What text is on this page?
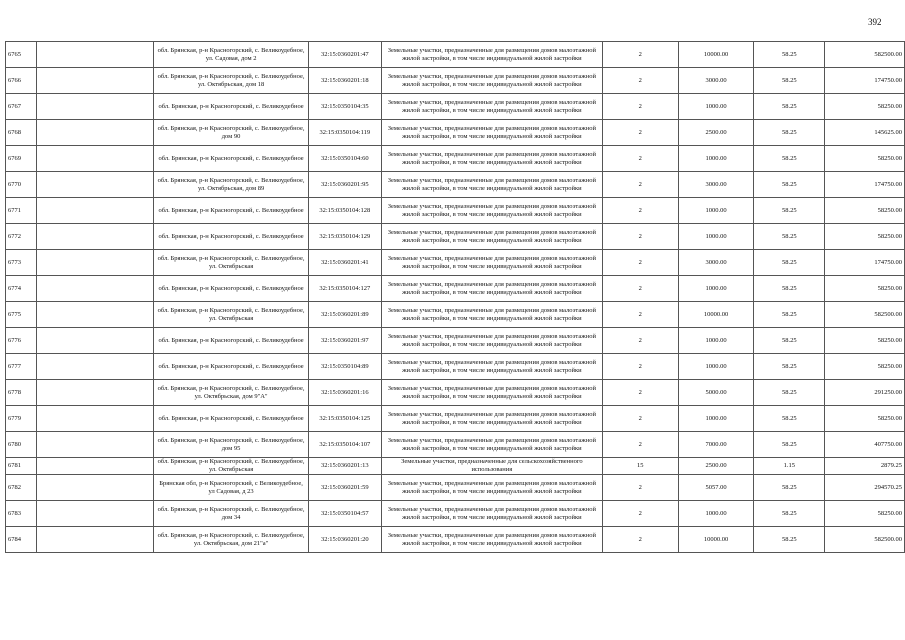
392
6765		обл. Брянская, р-н Красногорский, с. Великоудебное, ул. Садовая, дом 2	32:15:0360201:47	Земельные участки, предназначенные для размещения домов малоэтажной жилой застройки, в том числе индивидуальной жилой застройки	2	10000.00	58.25	582500.00
6766		обл. Брянская, р-н Красногорский, с. Великоудебное, ул. Октябрьская, дом 18	32:15:0360201:18	Земельные участки, предназначенные для размещения домов малоэтажной жилой застройки, в том числе индивидуальной жилой застройки	2	3000.00	58.25	174750.00
6767		обл. Брянская, р-н Красногорский, с. Великоудебное	32:15:0350104:35	Земельные участки, предназначенные для размещения домов малоэтажной жилой застройки, в том числе индивидуальной жилой застройки	2	1000.00	58.25	58250.00
6768		обл. Брянская, р-н Красногорский, с. Великоудебное, дом 90	32:15:0350104:119	Земельные участки, предназначенные для размещения домов малоэтажной жилой застройки, в том числе индивидуальной жилой застройки	2	2500.00	58.25	145625.00
6769		обл. Брянская, р-н Красногорский, с. Великоудебное	32:15:0350104:60	Земельные участки, предназначенные для размещения домов малоэтажной жилой застройки, в том числе индивидуальной жилой застройки	2	1000.00	58.25	58250.00
6770		обл. Брянская, р-н Красногорский, с. Великоудебное, ул. Октябрьская, дом 89	32:15:0360201:95	Земельные участки, предназначенные для размещения домов малоэтажной жилой застройки, в том числе индивидуальной жилой застройки	2	3000.00	58.25	174750.00
6771		обл. Брянская, р-н Красногорский, с. Великоудебное	32:15:0350104:128	Земельные участки, предназначенные для размещения домов малоэтажной жилой застройки, в том числе индивидуальной жилой застройки	2	1000.00	58.25	58250.00
6772		обл. Брянская, р-н Красногорский, с. Великоудебное	32:15:0350104:129	Земельные участки, предназначенные для размещения домов малоэтажной жилой застройки, в том числе индивидуальной жилой застройки	2	1000.00	58.25	58250.00
6773		обл. Брянская, р-н Красногорский, с. Великоудебное, ул. Октябрьская	32:15:0360201:41	Земельные участки, предназначенные для размещения домов малоэтажной жилой застройки, в том числе индивидуальной жилой застройки	2	3000.00	58.25	174750.00
6774		обл. Брянская, р-н Красногорский, с. Великоудебное	32:15:0350104:127	Земельные участки, предназначенные для размещения домов малоэтажной жилой застройки, в том числе индивидуальной жилой застройки	2	1000.00	58.25	58250.00
6775		обл. Брянская, р-н Красногорский, с. Великоудебное, ул. Октябрьская	32:15:0360201:89	Земельные участки, предназначенные для размещения домов малоэтажной жилой застройки, в том числе индивидуальной жилой застройки	2	10000.00	58.25	582500.00
6776		обл. Брянская, р-н Красногорский, с. Великоудебное	32:15:0360201:97	Земельные участки, предназначенные для размещения домов малоэтажной жилой застройки, в том числе индивидуальной жилой застройки	2	1000.00	58.25	58250.00
6777		обл. Брянская, р-н Красногорский, с. Великоудебное	32:15:0350104:89	Земельные участки, предназначенные для размещения домов малоэтажной жилой застройки, в том числе индивидуальной жилой застройки	2	1000.00	58.25	58250.00
6778		обл. Брянская, р-н Красногорский, с. Великоудебное, ул. Октябрьская, дом 9"А"	32:15:0360201:16	Земельные участки, предназначенные для размещения домов малоэтажной жилой застройки, в том числе индивидуальной жилой застройки	2	5000.00	58.25	291250.00
6779		обл. Брянская, р-н Красногорский, с. Великоудебное	32:15:0350104:125	Земельные участки, предназначенные для размещения домов малоэтажной жилой застройки, в том числе индивидуальной жилой застройки	2	1000.00	58.25	58250.00
6780		обл. Брянская, р-н Красногорский, с. Великоудебное, дом 95	32:15:0350104:107	Земельные участки, предназначенные для размещения домов малоэтажной жилой застройки, в том числе индивидуальной жилой застройки	2	7000.00	58.25	407750.00
6781		обл. Брянская, р-н Красногорский, с. Великоудебное, ул. Октябрьская	32:15:0360201:13	Земельные участки, предназначенные для сельскохозяйственного использования	15	2500.00	1.15	2879.25
6782		Брянская обл, р-н Красногорский, с Великоудебное, ул Садовая, д 23	32:15:0360201:59	Земельные участки, предназначенные для размещения домов малоэтажной жилой застройки, в том числе индивидуальной жилой застройки	2	5057.00	58.25	294570.25
6783		обл. Брянская, р-н Красногорский, с. Великоудебное, дом 34	32:15:0350104:57	Земельные участки, предназначенные для размещения домов малоэтажной жилой застройки, в том числе индивидуальной жилой застройки	2	1000.00	58.25	58250.00
6784		обл. Брянская, р-н Красногорский, с. Великоудебное, ул. Октябрьская, дом 21"а"	32:15:0360201:20	Земельные участки, предназначенные для размещения домов малоэтажной жилой застройки, в том числе индивидуальной жилой застройки	2	10000.00	58.25	582500.00
